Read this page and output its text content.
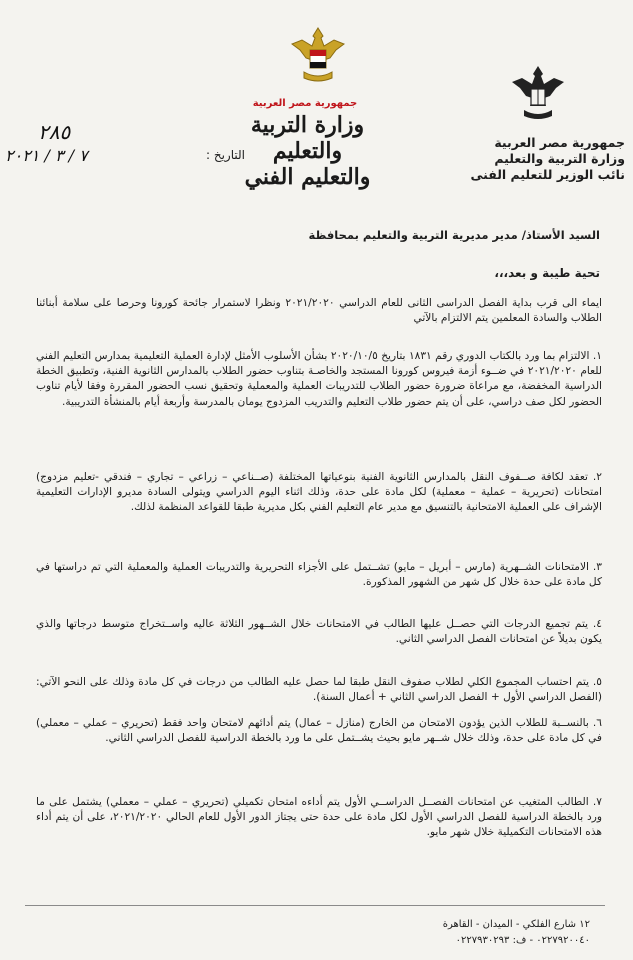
جمهورية مصر العربية
وزارة التربية والتعليم
والتعليم الفني
جمهورية مصر العربية
وزارة التربية والتعليم
نائب الوزير للتعليم الفنى
التاريخ :
٢٨٥
٧ / ٣ / ٢٠٢١
السيد الأستاذ/ مدير مديرية التربية والتعليم بمحافظة
تحية طيبة و بعد،،،
ايماء الى قرب بداية الفصل الدراسى الثانى للعام الدراسي ٢٠٢١/٢٠٢٠ ونظرا لاستمرار جائحة كورونا وحرصا على سلامة أبنائنا الطلاب والسادة المعلمين يتم الالتزام بالآتي
١. الالتزام بما ورد بالكتاب الدوري رقم ١٨٣١ بتاريخ ٢٠٢٠/١٠/٥ بشأن الأسلوب الأمثل لإدارة العملية التعليمية بمدارس التعليم الفني للعام ٢٠٢١/٢٠٢٠ في ضــوء أزمة فيروس كورونا المستجد والخاصـة بتناوب حضور الطلاب بالمدارس الثانوية الفنية، وتطبيق الخطة الدراسية المخفضة، مع مراعاة ضرورة حضور الطلاب للتدريبات العملية والمعملية وتحقيق نسب الحضور المقررة وفقا لأيام تناوب الحضور لكل صف دراسي، على أن يتم حضور طلاب التعليم والتدريب المزدوج يومان بالمدرسة وأربعة أيام بالمنشأة التدريبية.
٢. تعقد لكافة صــفوف النقل بالمدارس الثانوية الفنية بنوعياتها المختلفة (صــناعي – زراعي – تجاري – فندقي -تعليم مزدوج) امتحانات (تحريرية – عملية – معملية) لكل مادة على حدة، وذلك اثناء اليوم الدراسي ويتولى السادة مديرو الإدارات التعليمية الإشراف على العملية الامتحانية بالتنسيق مع مدير عام التعليم الفني بكل مديرية طبقا للقواعد المنظمة لذلك.
٣. الامتحانات الشــهرية (مارس – أبريل – مايو) تشــتمل على الأجزاء التحريرية والتدريبات العملية والمعملية التي تم دراستها في كل مادة على حدة خلال كل شهر من الشهور المذكورة.
٤. يتم تجميع الدرجات التي حصــل عليها الطالب في الامتحانات خلال الشــهور الثلاثة عاليه واســتخراج متوسط درجاتها والذي يكون بديلاً عن امتحانات الفصل الدراسي الثاني.
٥. يتم احتساب المجموع الكلي لطلاب صفوف النقل طبقا لما حصل عليه الطالب من درجات في كل مادة وذلك على النحو الآتي: (الفصل الدراسي الأول + الفصل الدراسي الثاني + أعمال السنة).
٦. بالنســبة للطلاب الذين يؤدون الامتحان من الخارج (منازل – عمال) يتم أدائهم لامتحان واحد فقط (تحريري – عملي – معملي) في كل مادة على حدة، وذلك خلال شــهر مايو بحيث يشــتمل على ما ورد بالخطة الدراسية للفصل الدراسي الثاني.
٧. الطالب المتغيب عن امتحانات الفصــل الدراســي الأول يتم أداءه امتحان تكميلي (تحريري – عملي – معملي) يشتمل على ما ورد بالخطة الدراسية للفصل الدراسي الأول لكل مادة على حدة حتى يجتاز الدور الأول للعام الحالي ٢٠٢١/٢٠٢٠، على أن يتم أداء هذه الامتحانات التكميلية خلال شهر مايو.
١٢ شارع الفلكي - الميدان - القاهرة
٠٢٢٧٩٢٠٠٤٠ - ف: ٠٢٢٧٩٣٠٢٩٣
